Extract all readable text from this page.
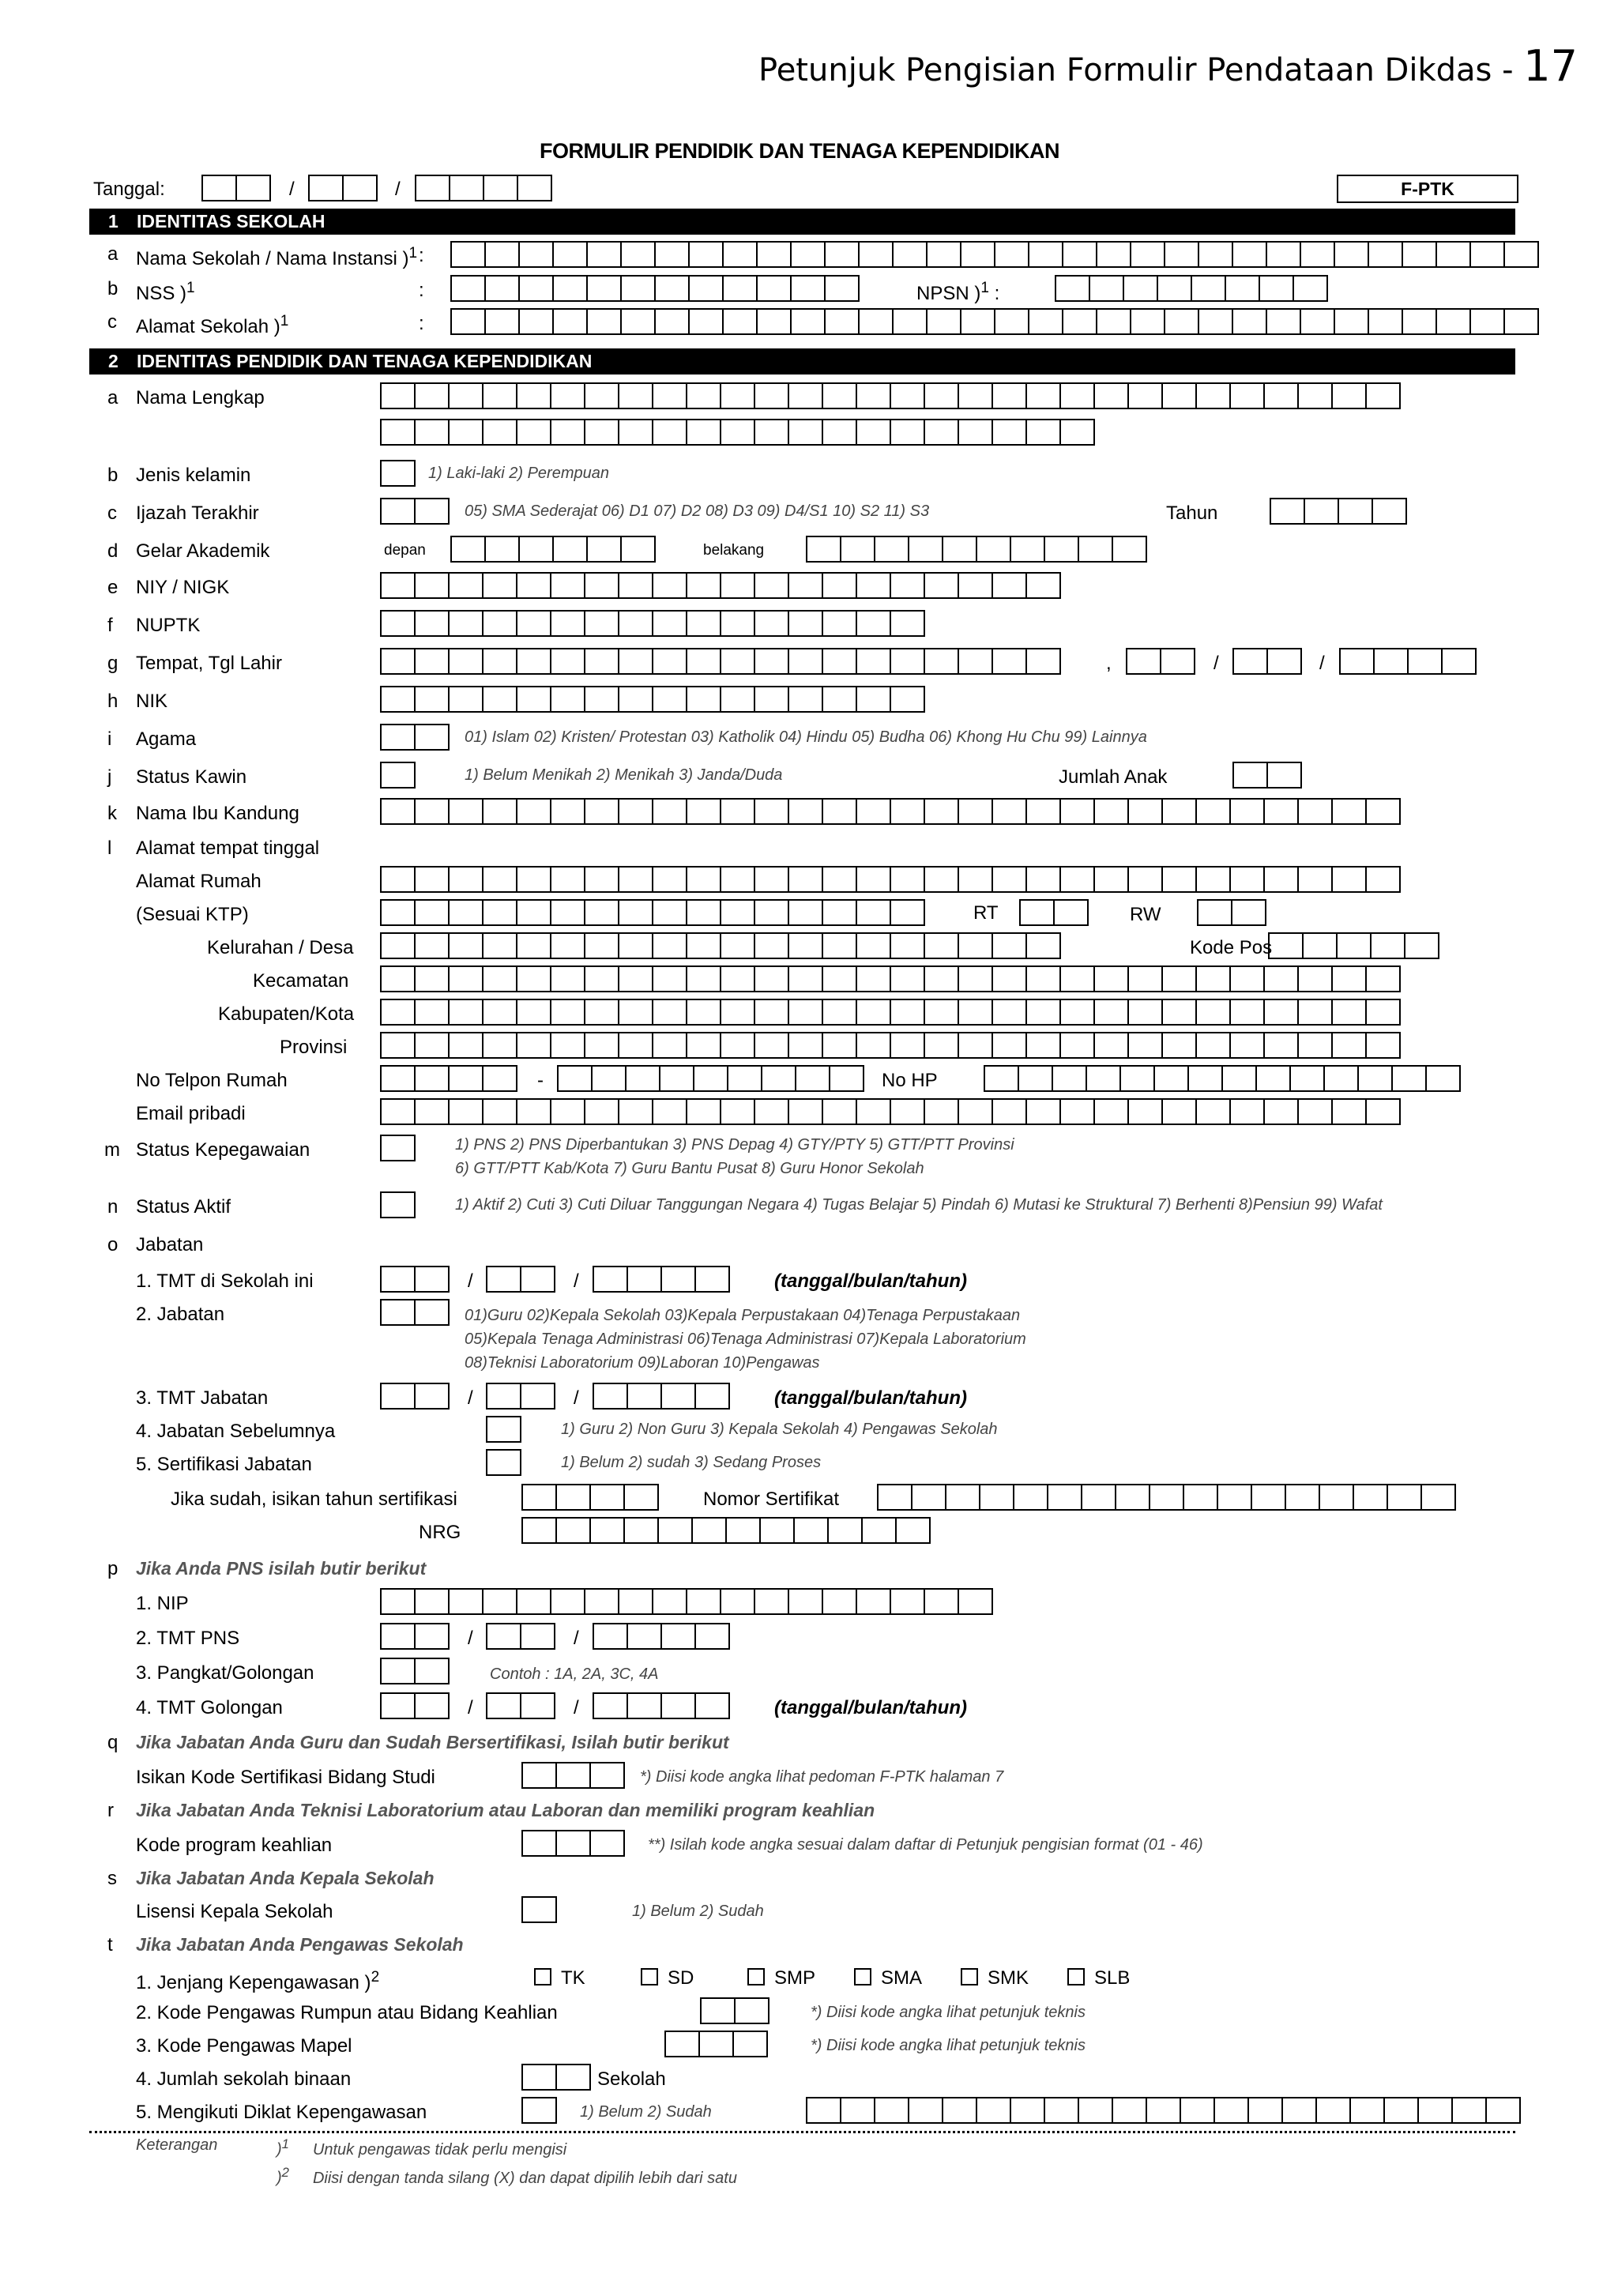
Petunjuk Pengisian Formulir Pendataan Dikdas - 17
FORMULIR PENDIDIK DAN TENAGA KEPENDIDIKAN
Tanggal:	/	/	F-PTK
1 IDENTITAS SEKOLAH
a Nama Sekolah / Nama Instansi )$^1$ :
b NSS )$^1$	:	NPSN )$^1$ :
c Alamat Sekolah )$^1$	:
2 IDENTITAS PENDIDIK DAN TENAGA KEPENDIDIKAN
a Nama Lengkap
b Jenis kelamin	1) Laki-laki 2) Perempuan
c Ijazah Terakhir	05) SMA Sederajat 06) D1 07) D2 08) D3 09) D4/S1 10) S2 11) S3	Tahun
d Gelar Akademik	depan	belakang
e NIY / NIGK
f NUPTK
g Tempat, Tgl Lahir	,	/	/
h NIK
i Agama	01) Islam 02) Kristen/ Protestan 03) Katholik 04) Hindu 05) Budha 06) Khong Hu Chu 99) Lainnya
j Status Kawin	1) Belum Menikah 2) Menikah 3) Janda/Duda	Jumlah Anak
k Nama Ibu Kandung
l Alamat tempat tinggal
Alamat Rumah
(Sesuai KTP)	RT	RW
Kelurahan / Desa	Kode Pos
Kecamatan
Kabupaten/Kota
Provinsi
No Telpon Rumah	-	No HP
Email pribadi
m Status Kepegawaian	1) PNS 2) PNS Diperbantukan 3) PNS Depag 4) GTY/PTY 5) GTT/PTT Provinsi
6) GTT/PTT Kab/Kota 7) Guru Bantu Pusat 8) Guru Honor Sekolah
n Status Aktif	1) Aktif 2) Cuti 3) Cuti Diluar Tanggungan Negara 4) Tugas Belajar 5) Pindah 6) Mutasi ke Struktural 7) Berhenti 8)Pensiun 99) Wafat
o Jabatan
1. TMT di Sekolah ini	/	/	(tanggal/bulan/tahun)
2. Jabatan	01)Guru 02)Kepala Sekolah 03)Kepala Perpustakaan 04)Tenaga Perpustakaan
05)Kepala Tenaga Administrasi 06)Tenaga Administrasi 07)Kepala Laboratorium
08)Teknisi Laboratorium 09)Laboran 10)Pengawas
3. TMT Jabatan	/	/	(tanggal/bulan/tahun)
4. Jabatan Sebelumnya	1) Guru 2) Non Guru 3) Kepala Sekolah 4) Pengawas Sekolah
5. Sertifikasi Jabatan	1) Belum 2) sudah 3) Sedang Proses
Jika sudah, isikan tahun sertifikasi	Nomor Sertifikat
NRG
p Jika Anda PNS isilah butir berikut
1. NIP
2. TMT PNS	/	/
3. Pangkat/Golongan	Contoh : 1A, 2A, 3C, 4A
4. TMT Golongan	/	/	(tanggal/bulan/tahun)
q Jika Jabatan Anda Guru dan Sudah Bersertifikasi, Isilah butir berikut
Isikan Kode Sertifikasi Bidang Studi	*) Diisi kode angka lihat pedoman F-PTK halaman 7
r Jika Jabatan Anda Teknisi Laboratorium atau Laboran dan memiliki program keahlian
Kode program keahlian	**) Isilah kode angka sesuai dalam daftar di Petunjuk pengisian format (01 - 46)
s Jika Jabatan Anda Kepala Sekolah
Lisensi Kepala Sekolah	1) Belum 2) Sudah
t Jika Jabatan Anda Pengawas Sekolah
1. Jenjang Kepengawasan )$^2$	TK	SD	SMP	SMA	SMK	SLB
2. Kode Pengawas Rumpun atau Bidang Keahlian	*) Diisi kode angka lihat petunjuk teknis
3. Kode Pengawas Mapel	*) Diisi kode angka lihat petunjuk teknis
4. Jumlah sekolah binaan	Sekolah
5. Mengikuti Diklat Kepengawasan	1) Belum 2) Sudah
Keterangan	)$^1$ Untuk pengawas tidak perlu mengisi
)$^2$ Diisi dengan tanda silang (X) dan dapat dipilih lebih dari satu
